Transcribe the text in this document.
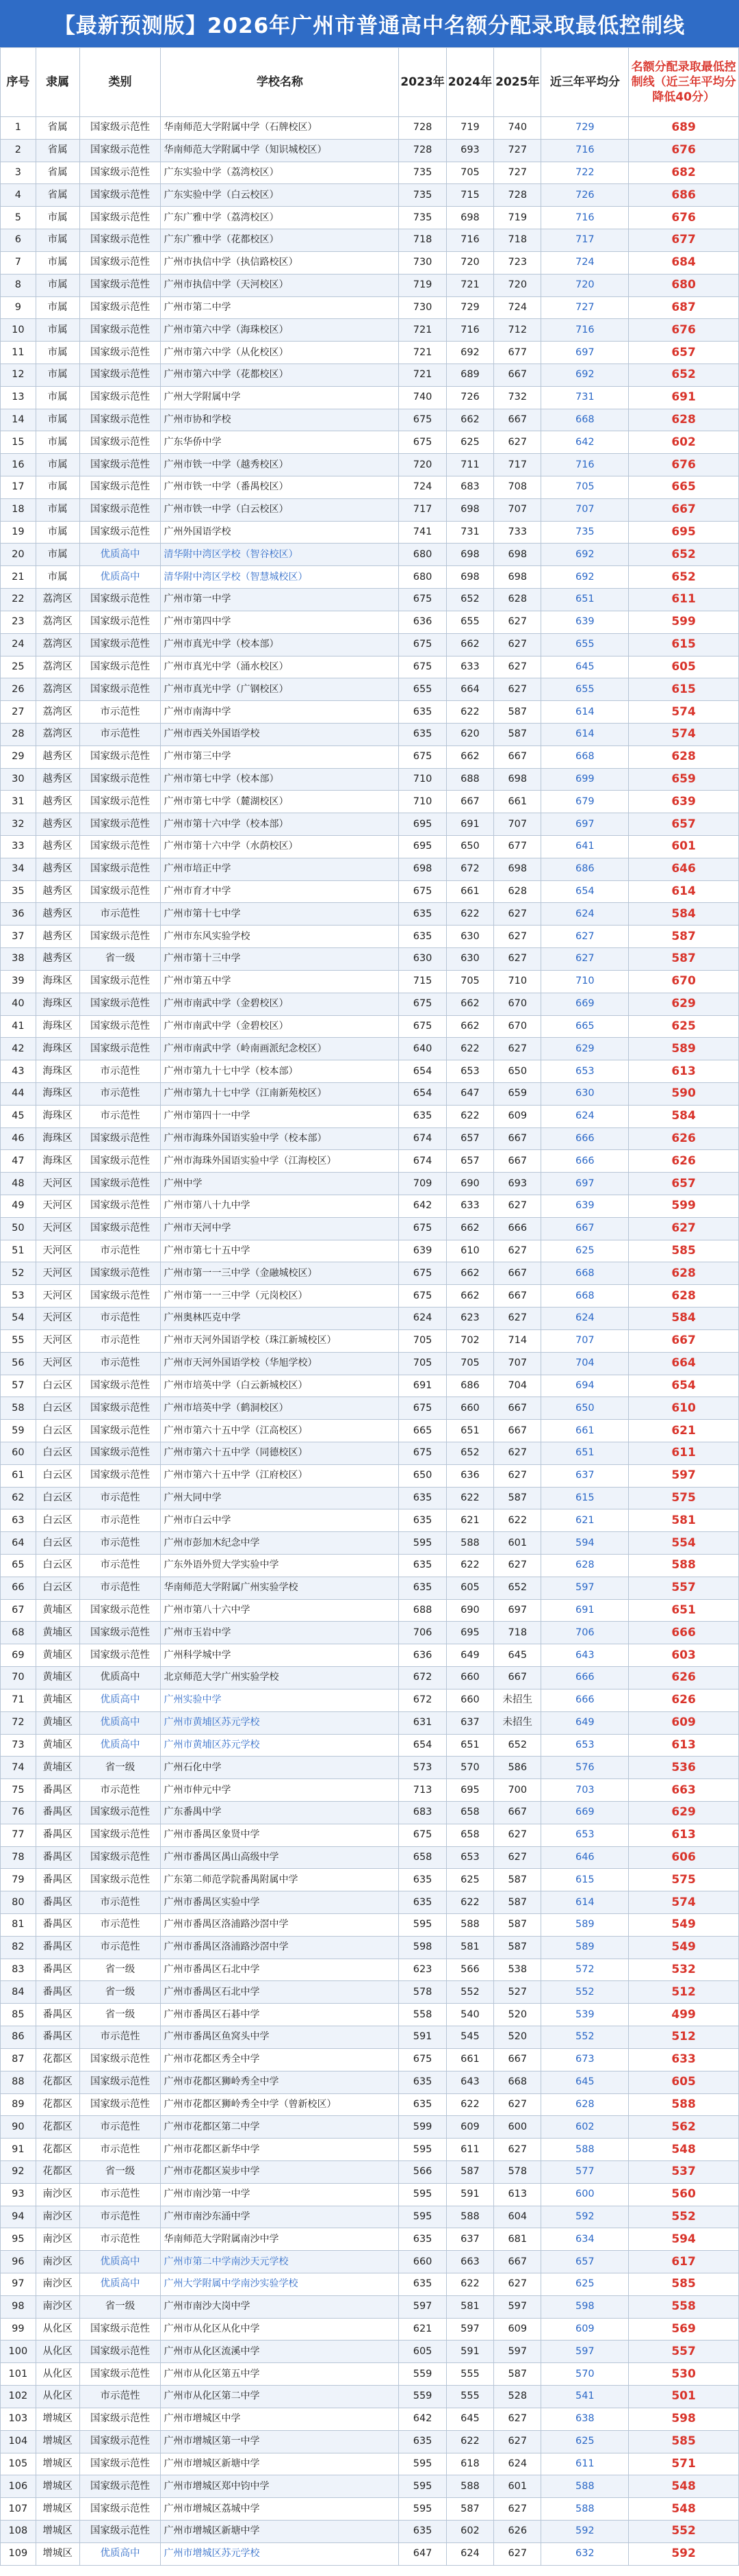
【最新预测版】2026年广州市普通高中名额分配录取最低控制线
序号	隶属	类别	学校名称	2023年	2024年	2025年	近三年平均分	名额分配录取最低控制线（近三年平均分降低40分）
1	省属	国家级示范性	华南师范大学附属中学（石牌校区）	728	719	740	729	689
2	省属	国家级示范性	华南师范大学附属中学（知识城校区）	728	693	727	716	676
3	省属	国家级示范性	广东实验中学（荔湾校区）	735	705	727	722	682
4	省属	国家级示范性	广东实验中学（白云校区）	735	715	728	726	686
5	市属	国家级示范性	广东广雅中学（荔湾校区）	735	698	719	716	676
6	市属	国家级示范性	广东广雅中学（花都校区）	718	716	718	717	677
7	市属	国家级示范性	广州市执信中学（执信路校区）	730	720	723	724	684
8	市属	国家级示范性	广州市执信中学（天河校区）	719	721	720	720	680
9	市属	国家级示范性	广州市第二中学	730	729	724	727	687
10	市属	国家级示范性	广州市第六中学（海珠校区）	721	716	712	716	676
11	市属	国家级示范性	广州市第六中学（从化校区）	721	692	677	697	657
12	市属	国家级示范性	广州市第六中学（花都校区）	721	689	667	692	652
13	市属	国家级示范性	广州大学附属中学	740	726	732	731	691
14	市属	国家级示范性	广州市协和学校	675	662	667	668	628
15	市属	国家级示范性	广东华侨中学	675	625	627	642	602
16	市属	国家级示范性	广州市铁一中学（越秀校区）	720	711	717	716	676
17	市属	国家级示范性	广州市铁一中学（番禺校区）	724	683	708	705	665
18	市属	国家级示范性	广州市铁一中学（白云校区）	717	698	707	707	667
19	市属	国家级示范性	广州外国语学校	741	731	733	735	695
20	市属	优质高中	清华附中湾区学校（智谷校区）	680	698	698	692	652
21	市属	优质高中	清华附中湾区学校（智慧城校区）	680	698	698	692	652
22	荔湾区	国家级示范性	广州市第一中学	675	652	628	651	611
23	荔湾区	国家级示范性	广州市第四中学	636	655	627	639	599
24	荔湾区	国家级示范性	广州市真光中学（校本部）	675	662	627	655	615
25	荔湾区	国家级示范性	广州市真光中学（涌水校区）	675	633	627	645	605
26	荔湾区	国家级示范性	广州市真光中学（广钢校区）	655	664	627	655	615
27	荔湾区	市示范性	广州市南海中学	635	622	587	614	574
28	荔湾区	市示范性	广州市西关外国语学校	635	620	587	614	574
29	越秀区	国家级示范性	广州市第三中学	675	662	667	668	628
30	越秀区	国家级示范性	广州市第七中学（校本部）	710	688	698	699	659
31	越秀区	国家级示范性	广州市第七中学（麓湖校区）	710	667	661	679	639
32	越秀区	国家级示范性	广州市第十六中学（校本部）	695	691	707	697	657
33	越秀区	国家级示范性	广州市第十六中学（水荫校区）	695	650	677	641	601
34	越秀区	国家级示范性	广州市培正中学	698	672	698	686	646
35	越秀区	国家级示范性	广州市育才中学	675	661	628	654	614
36	越秀区	市示范性	广州市第十七中学	635	622	627	624	584
37	越秀区	国家级示范性	广州市东风实验学校	635	630	627	627	587
38	越秀区	省一级	广州市第十三中学	630	630	627	627	587
39	海珠区	国家级示范性	广州市第五中学	715	705	710	710	670
40	海珠区	国家级示范性	广州市南武中学（金碧校区）	675	662	670	669	629
41	海珠区	国家级示范性	广州市南武中学（金碧校区）	675	662	670	665	625
42	海珠区	国家级示范性	广州市南武中学（岭南画派纪念校区）	640	622	627	629	589
43	海珠区	市示范性	广州市第九十七中学（校本部）	654	653	650	653	613
44	海珠区	市示范性	广州市第九十七中学（江南新苑校区）	654	647	659	630	590
45	海珠区	市示范性	广州市第四十一中学	635	622	609	624	584
46	海珠区	国家级示范性	广州市海珠外国语实验中学（校本部）	674	657	667	666	626
47	海珠区	国家级示范性	广州市海珠外国语实验中学（江海校区）	674	657	667	666	626
48	天河区	国家级示范性	广州中学	709	690	693	697	657
49	天河区	国家级示范性	广州市第八十九中学	642	633	627	639	599
50	天河区	国家级示范性	广州市天河中学	675	662	666	667	627
51	天河区	市示范性	广州市第七十五中学	639	610	627	625	585
52	天河区	国家级示范性	广州市第一一三中学（金融城校区）	675	662	667	668	628
53	天河区	国家级示范性	广州市第一一三中学（元岗校区）	675	662	667	668	628
54	天河区	市示范性	广州奥林匹克中学	624	623	627	624	584
55	天河区	市示范性	广州市天河外国语学校（珠江新城校区）	705	702	714	707	667
56	天河区	市示范性	广州市天河外国语学校（华旭学校）	705	705	707	704	664
57	白云区	国家级示范性	广州市培英中学（白云新城校区）	691	686	704	694	654
58	白云区	国家级示范性	广州市培英中学（鹤洞校区）	675	660	667	650	610
59	白云区	国家级示范性	广州市第六十五中学（江高校区）	665	651	667	661	621
60	白云区	国家级示范性	广州市第六十五中学（同德校区）	675	652	627	651	611
61	白云区	国家级示范性	广州市第六十五中学（江府校区）	650	636	627	637	597
62	白云区	市示范性	广州大同中学	635	622	587	615	575
63	白云区	市示范性	广州市白云中学	635	621	622	621	581
64	白云区	市示范性	广州市彭加木纪念中学	595	588	601	594	554
65	白云区	市示范性	广东外语外贸大学实验中学	635	622	627	628	588
66	白云区	市示范性	华南师范大学附属广州实验学校	635	605	652	597	557
67	黄埔区	国家级示范性	广州市第八十六中学	688	690	697	691	651
68	黄埔区	国家级示范性	广州市玉岩中学	706	695	718	706	666
69	黄埔区	国家级示范性	广州科学城中学	636	649	645	643	603
70	黄埔区	优质高中	北京师范大学广州实验学校	672	660	667	666	626
71	黄埔区	优质高中	广州实验中学	672	660	未招生	666	626
72	黄埔区	优质高中	广州市黄埔区苏元学校	631	637	未招生	649	609
73	黄埔区	优质高中	广州市黄埔区苏元学校	654	651	652	653	613
74	黄埔区	省一级	广州石化中学	573	570	586	576	536
75	番禺区	市示范性	广州市仲元中学	713	695	700	703	663
76	番禺区	国家级示范性	广东番禺中学	683	658	667	669	629
77	番禺区	国家级示范性	广州市番禺区象贤中学	675	658	627	653	613
78	番禺区	国家级示范性	广州市番禺区禺山高级中学	658	653	627	646	606
79	番禺区	国家级示范性	广东第二师范学院番禺附属中学	635	625	587	615	575
80	番禺区	市示范性	广州市番禺区实验中学	635	622	587	614	574
81	番禺区	市示范性	广州市番禺区洛浦路沙滘中学	595	588	587	589	549
82	番禺区	市示范性	广州市番禺区洛浦路沙滘中学	598	581	587	589	549
83	番禺区	省一级	广州市番禺区石北中学	623	566	538	572	532
84	番禺区	省一级	广州市番禺区石北中学	578	552	527	552	512
85	番禺区	省一级	广州市番禺区石碁中学	558	540	520	539	499
86	番禺区	市示范性	广州市番禺区鱼窝头中学	591	545	520	552	512
87	花都区	国家级示范性	广州市花都区秀全中学	675	661	667	673	633
88	花都区	国家级示范性	广州市花都区狮岭秀全中学	635	643	668	645	605
89	花都区	国家级示范性	广州市花都区狮岭秀全中学（曾新校区）	635	622	627	628	588
90	花都区	市示范性	广州市花都区第二中学	599	609	600	602	562
91	花都区	市示范性	广州市花都区新华中学	595	611	627	588	548
92	花都区	省一级	广州市花都区炭步中学	566	587	578	577	537
93	南沙区	市示范性	广州市南沙第一中学	595	591	613	600	560
94	南沙区	市示范性	广州市南沙东涌中学	595	588	604	592	552
95	南沙区	市示范性	华南师范大学附属南沙中学	635	637	681	634	594
96	南沙区	优质高中	广州市第二中学南沙天元学校	660	663	667	657	617
97	南沙区	优质高中	广州大学附属中学南沙实验学校	635	622	627	625	585
98	南沙区	省一级	广州市南沙大岗中学	597	581	597	598	558
99	从化区	国家级示范性	广州市从化区从化中学	621	597	609	609	569
100	从化区	国家级示范性	广州市从化区流溪中学	605	591	597	597	557
101	从化区	国家级示范性	广州市从化区第五中学	559	555	587	570	530
102	从化区	市示范性	广州市从化区第二中学	559	555	528	541	501
103	增城区	国家级示范性	广州市增城区中学	642	645	627	638	598
104	增城区	国家级示范性	广州市增城区第一中学	635	622	627	625	585
105	增城区	国家级示范性	广州市增城区新塘中学	595	618	624	611	571
106	增城区	国家级示范性	广州市增城区郑中钧中学	595	588	601	588	548
107	增城区	国家级示范性	广州市增城区荔城中学	595	587	627	588	548
108	增城区	国家级示范性	广州市增城区新塘中学	635	602	626	592	552
109	增城区	优质高中	广州市增城区苏元学校	647	624	627	632	592
